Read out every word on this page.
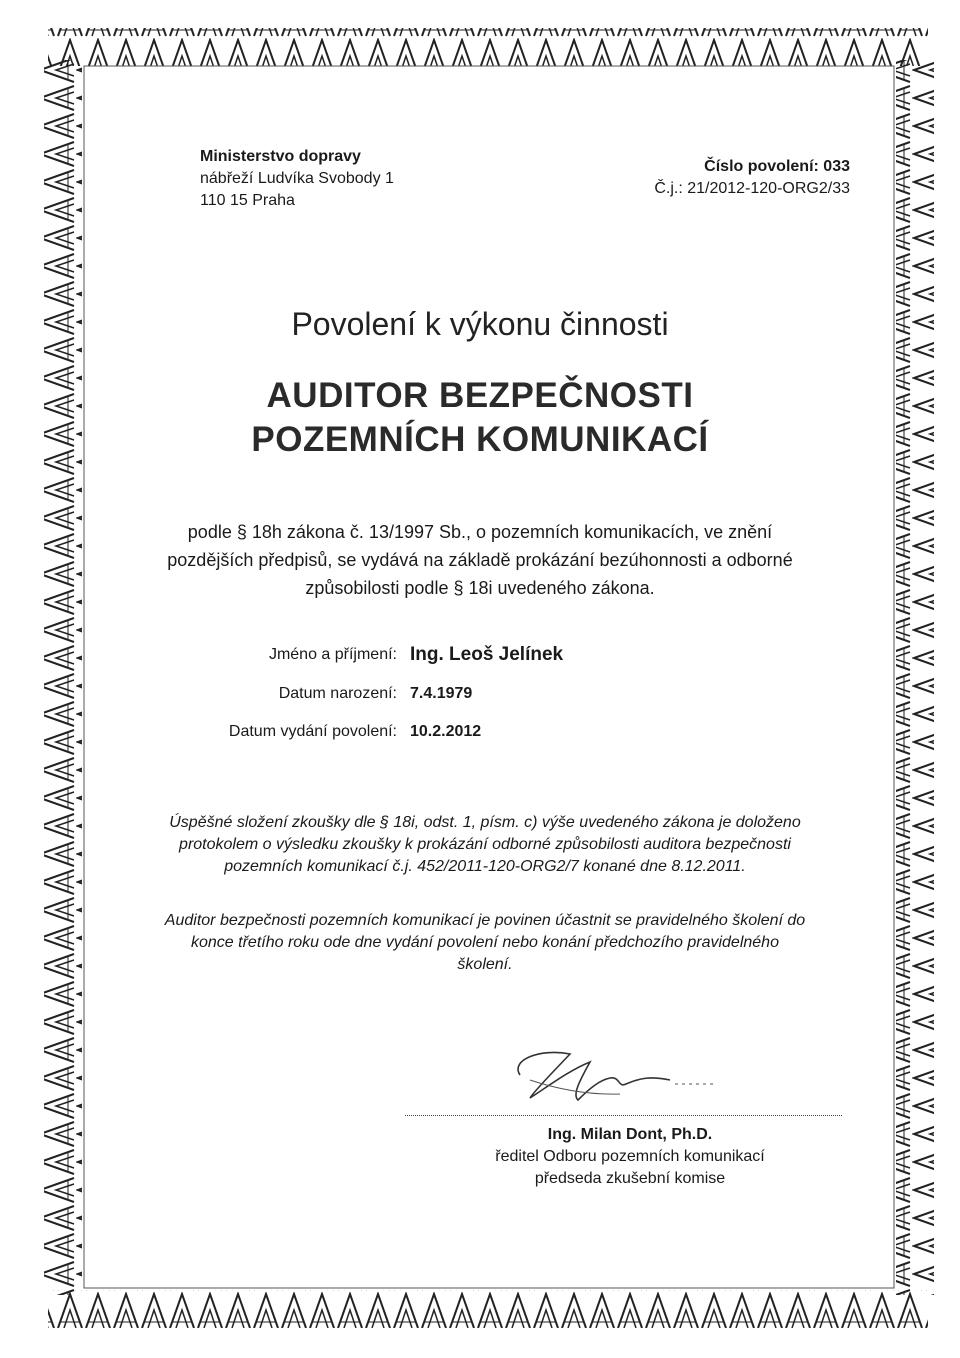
Ministerstvo dopravy
nábřeží Ludvíka Svobody 1
110 15 Praha
Číslo povolení: 033
Č.j.: 21/2012-120-ORG2/33
Povolení k výkonu činnosti
AUDITOR BEZPEČNOSTI
POZEMNÍCH KOMUNIKACÍ
podle § 18h zákona č. 13/1997 Sb., o pozemních komunikacích, ve znění
pozdějších předpisů, se vydává na základě prokázání bezúhonnosti a odborné
způsobilosti podle § 18i uvedeného zákona.
Jméno a příjmení: Ing. Leoš Jelínek
Datum narození: 7.4.1979
Datum vydání povolení: 10.2.2012
Úspěšné složení zkoušky dle § 18i, odst. 1, písm. c) výše uvedeného zákona je doloženo
protokolem o výsledku zkoušky k prokázání odborné způsobilosti auditora bezpečnosti
pozemních komunikací č.j. 452/2011-120-ORG2/7 konané dne 8.12.2011.
Auditor bezpečnosti pozemních komunikací je povinen účastnit se pravidelného školení do
konce třetího roku ode dne vydání povolení nebo konání předchozího pravidelného
školení.
Ing. Milan Dont, Ph.D.
ředitel Odboru pozemních komunikací
předseda zkušební komise
